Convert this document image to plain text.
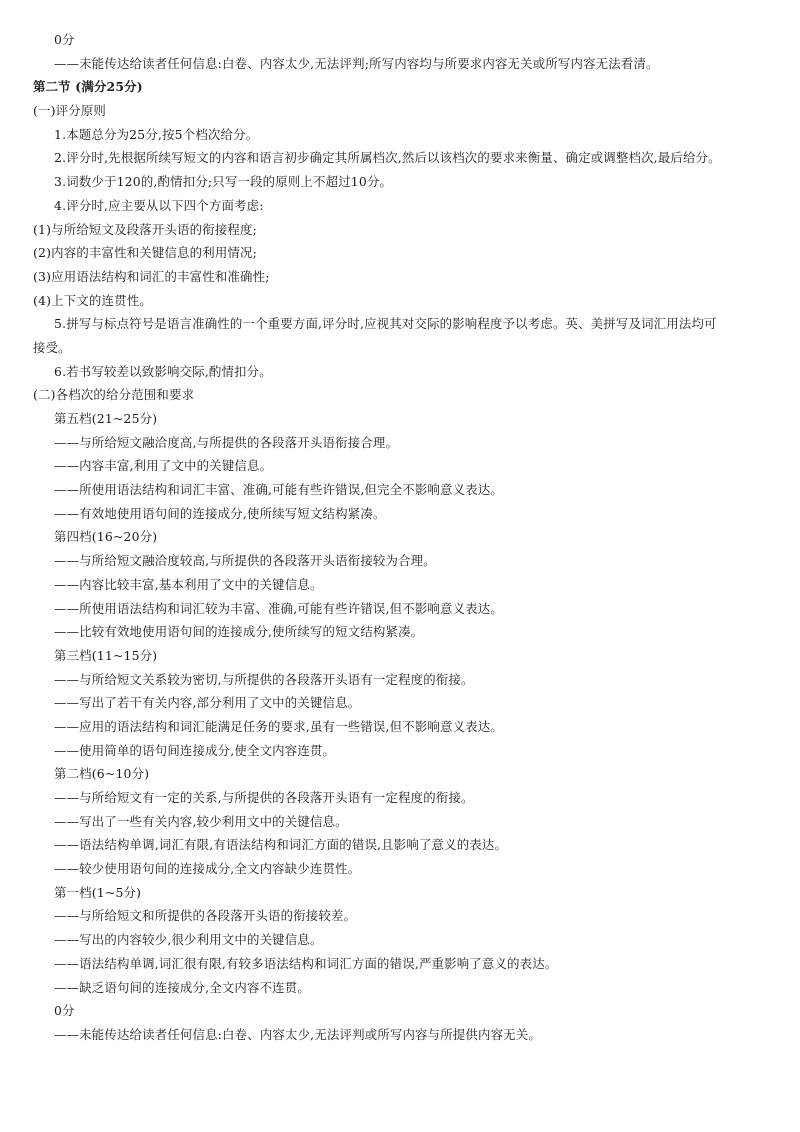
0分
——未能传达给读者任何信息:白卷、内容太少,无法评判;所写内容均与所要求内容无关或所写内容无法看清。
第二节 (满分25分)
(一)评分原则
1.本题总分为25分,按5个档次给分。
2.评分时,先根据所续写短文的内容和语言初步确定其所属档次,然后以该档次的要求来衡量、确定或调整档次,最后给分。
3.词数少于120的,酌情扣分;只写一段的原则上不超过10分。
4.评分时,应主要从以下四个方面考虑:
(1)与所给短文及段落开头语的衔接程度;
(2)内容的丰富性和关键信息的利用情况;
(3)应用语法结构和词汇的丰富性和准确性;
(4)上下文的连贯性。
5.拼写与标点符号是语言准确性的一个重要方面,评分时,应视其对交际的影响程度予以考虑。英、美拼写及词汇用法均可
接受。
6.若书写较差以致影响交际,酌情扣分。
(二)各档次的给分范围和要求
第五档(21~25分)
——与所给短文融洽度高,与所提供的各段落开头语衔接合理。
——内容丰富,利用了文中的关键信息。
——所使用语法结构和词汇丰富、准确,可能有些许错误,但完全不影响意义表达。
——有效地使用语句间的连接成分,使所续写短文结构紧凑。
第四档(16~20分)
——与所给短文融洽度较高,与所提供的各段落开头语衔接较为合理。
——内容比较丰富,基本利用了文中的关键信息。
——所使用语法结构和词汇较为丰富、准确,可能有些许错误,但不影响意义表达。
——比较有效地使用语句间的连接成分,使所续写的短文结构紧凑。
第三档(11~15分)
——与所给短文关系较为密切,与所提供的各段落开头语有一定程度的衔接。
——写出了若干有关内容,部分利用了文中的关键信息。
——应用的语法结构和词汇能满足任务的要求,虽有一些错误,但不影响意义表达。
——使用简单的语句间连接成分,使全文内容连贯。
第二档(6~10分)
——与所给短文有一定的关系,与所提供的各段落开头语有一定程度的衔接。
——写出了一些有关内容,较少利用文中的关键信息。
——语法结构单调,词汇有限,有语法结构和词汇方面的错误,且影响了意义的表达。
——较少使用语句间的连接成分,全文内容缺少连贯性。
第一档(1~5分)
——与所给短文和所提供的各段落开头语的衔接较差。
——写出的内容较少,很少利用文中的关键信息。
——语法结构单调,词汇很有限,有较多语法结构和词汇方面的错误,严重影响了意义的表达。
——缺乏语句间的连接成分,全文内容不连贯。
0分
——未能传达给读者任何信息:白卷、内容太少,无法评判或所写内容与所提供内容无关。
